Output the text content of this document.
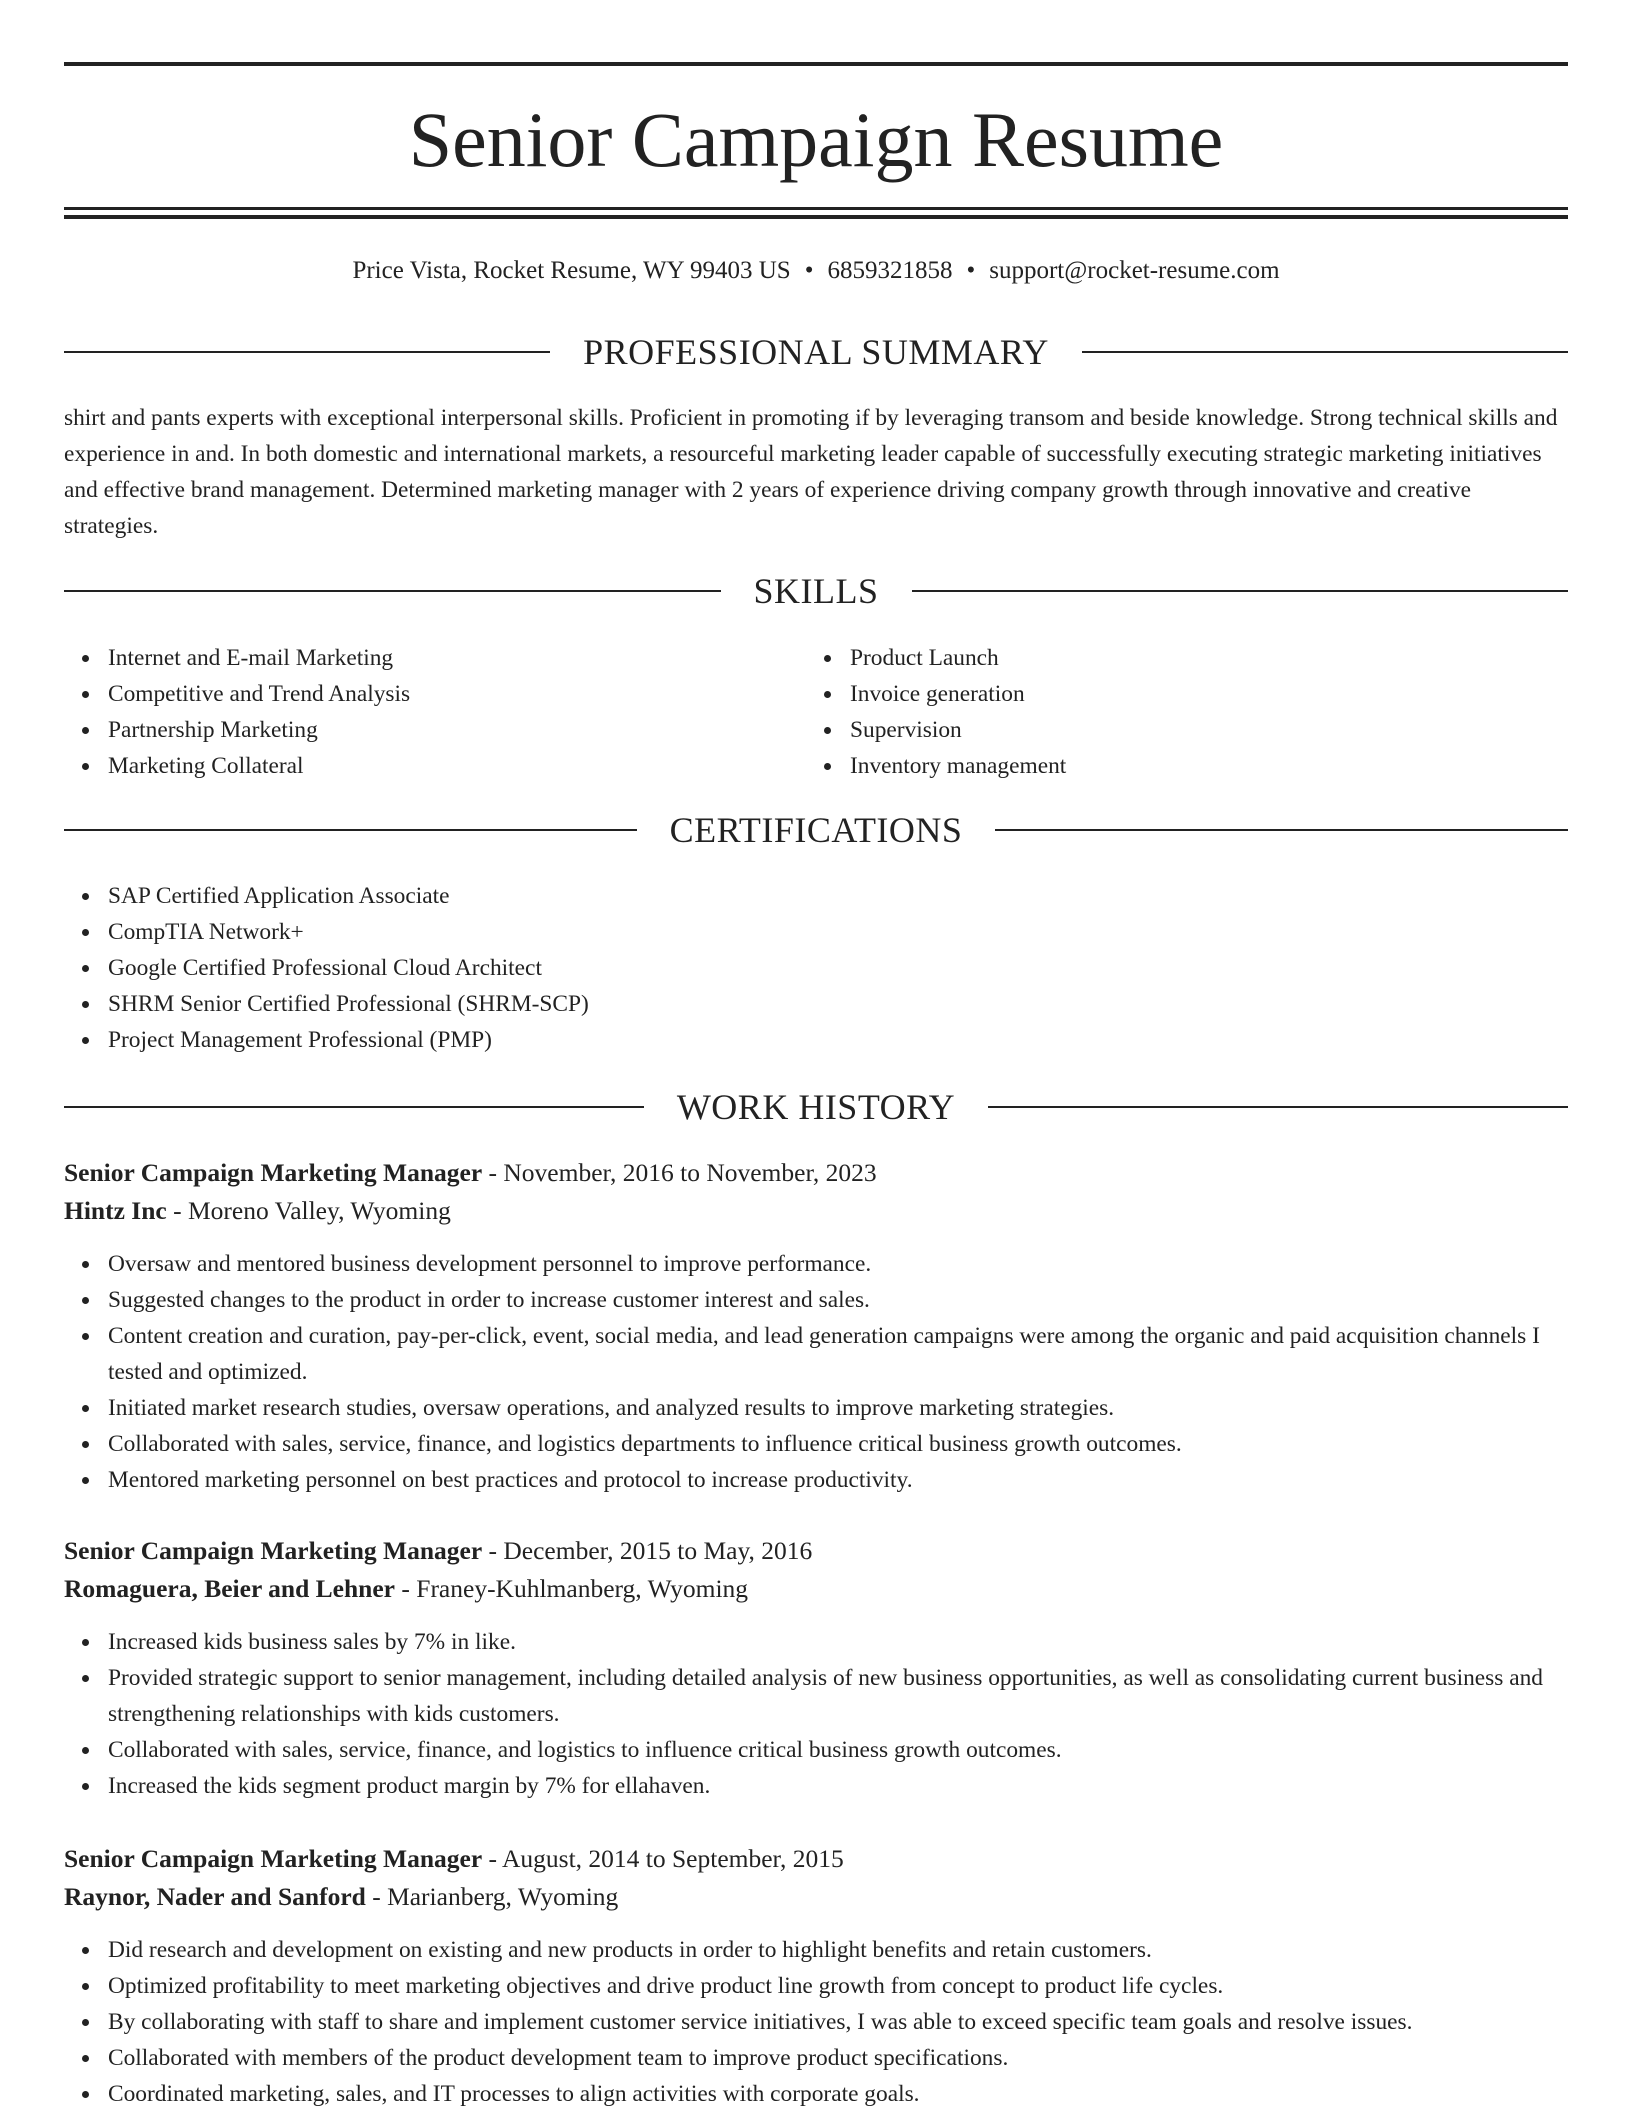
Senior Campaign Resume
Price Vista, Rocket Resume, WY 99403 US • 6859321858 • support@rocket-resume.com
PROFESSIONAL SUMMARY

shirt and pants experts with exceptional interpersonal skills. Proficient in promoting if by leveraging transom and beside knowledge. Strong technical skills and experience in and. In both domestic and international markets, a resourceful marketing leader capable of successfully executing strategic marketing initiatives and effective brand management. Determined marketing manager with 2 years of experience driving company growth through innovative and creative strategies.

SKILLS
Internet and E-mail Marketing
Competitive and Trend Analysis
Partnership Marketing
Marketing Collateral
Product Launch
Invoice generation
Supervision
Inventory management
CERTIFICATIONS
SAP Certified Application Associate
CompTIA Network+
Google Certified Professional Cloud Architect
SHRM Senior Certified Professional (SHRM-SCP)
Project Management Professional (PMP)
WORK HISTORY
Senior Campaign Marketing Manager - November, 2016 to November, 2023
Hintz Inc - Moreno Valley, Wyoming
Oversaw and mentored business development personnel to improve performance.
Suggested changes to the product in order to increase customer interest and sales.
Content creation and curation, pay-per-click, event, social media, and lead generation campaigns were among the organic and paid acquisition channels I tested and optimized.
Initiated market research studies, oversaw operations, and analyzed results to improve marketing strategies.
Collaborated with sales, service, finance, and logistics departments to influence critical business growth outcomes.
Mentored marketing personnel on best practices and protocol to increase productivity.
Senior Campaign Marketing Manager - December, 2015 to May, 2016
Romaguera, Beier and Lehner - Franey-Kuhlmanberg, Wyoming
Increased kids business sales by 7% in like.
Provided strategic support to senior management, including detailed analysis of new business opportunities, as well as consolidating current business and strengthening relationships with kids customers.
Collaborated with sales, service, finance, and logistics to influence critical business growth outcomes.
Increased the kids segment product margin by 7% for ellahaven.
Senior Campaign Marketing Manager - August, 2014 to September, 2015
Raynor, Nader and Sanford - Marianberg, Wyoming
Did research and development on existing and new products in order to highlight benefits and retain customers.
Optimized profitability to meet marketing objectives and drive product line growth from concept to product life cycles.
By collaborating with staff to share and implement customer service initiatives, I was able to exceed specific team goals and resolve issues.
Collaborated with members of the product development team to improve product specifications.
Coordinated marketing, sales, and IT processes to align activities with corporate goals.
